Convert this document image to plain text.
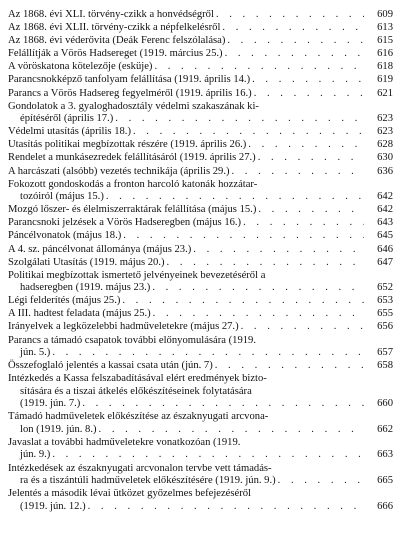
Az 1868. évi XLI. törvény-czikk a honvédségről . . .	609
Az 1868. évi XLII. törvény-czikk a népfelkelésről . . .	613
Az 1868. évi véderővita (Deák Ferenc felszólalása) . . .	615
Felállítják a Vörös Hadsereget (1919. március 25.) . . .	616
A vöröskatona kötelezője (esküje) . . .	618
Parancsnokképző tanfolyam felállítása (1919. április 14.) . . .	619
Parancs a Vörös Hadsereg fegyelméről (1919. április 16.) . . .	621
Gondolatok a 3. gyaloghadosztály védelmi szakaszának ki-
építéséről (április 17.) . . .	623
Védelmi utasítás (április 18.) . . .	623
Utasítás politikai megbízottak részére (1919. április 26.) . . .	628
Rendelet a munkásezredek felállításáról (1919. április 27.) . . .	630
A harcászati (alsóbb) vezetés technikája (április 29.) . . .	636
Fokozott gondoskodás a fronton harcoló katonák hozzátar-
tozóiról (május 15.) . . .	642
Mozgó lőszer- és élelmiszerraktárak felállítása (május 15.) . . .	642
Parancsnoki jelzések a Vörös Hadseregben (május 16.) . . .	643
Páncélvonatok (május 18.) . . .	645
A 4. sz. páncélvonat állománya (május 23.) . . .	646
Szolgálati Utasítás (1919. május 20.) . . .	647
Politikai megbízottak ismertető jelvényeinek bevezetéséről a
hadseregben (1919. május 23.) . . .	652
Légi felderítés (május 25.) . . .	653
A III. hadtest feladata (május 25.) . . .	655
Irányelvek a legközelebbi hadműveletekre (május 27.) . . .	656
Parancs a támadó csapatok további előnyomulására (1919.
jún. 5.) . . .	657
Összefoglaló jelentés a kassai csata után (jún. 7) . . .	658
Intézkedés a Kassa felszabadításával elért eredmények bizto-
sítására és a tiszai átkelés előkészítéseinek folytatására
(1919. jún. 7.) . . .	660
Támadó hadműveletek előkészítése az északnyugati arcvona-
lon (1919. jún. 8.) . . .	662
Javaslat a további hadműveletekre vonatkozóan (1919.
jún. 9.) . . .	663
Intézkedések az északnyugati arcvonalon tervbe vett támadás-
ra és a tiszántúli hadműveletek előkészítésére (1919. jún. 9.) . . .	665
Jelentés a második lévai ütközet győzelmes befejezéséről
(1919. jún. 12.) . . .	666
